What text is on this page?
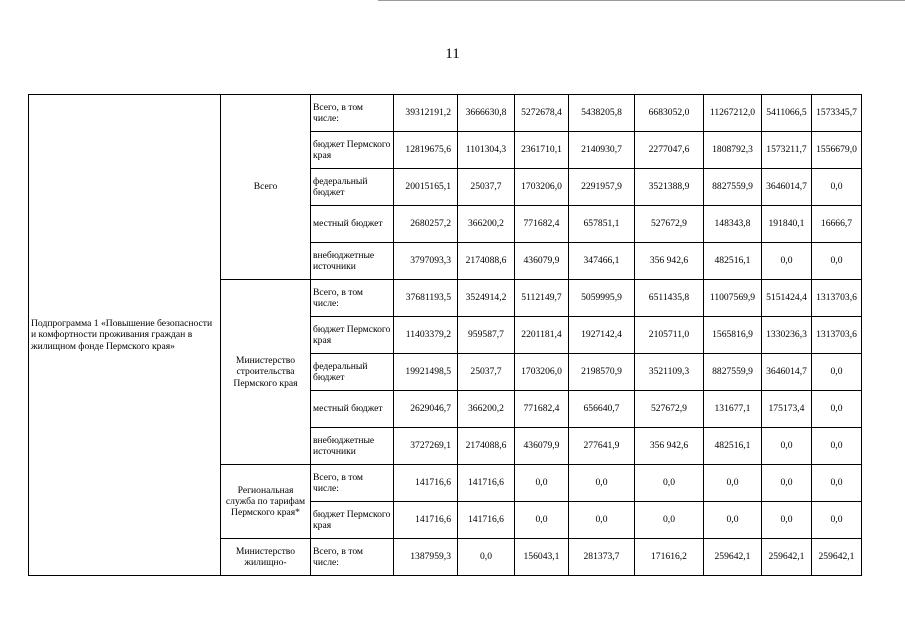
11
Подпрограмма 1 «Повышение безопасности и комфортности проживания граждан в жилищном фонде Пермского края»	Всего	Всего, в том числе:	39312191,2	3666630,8	5272678,4	5438205,8	6683052,0	11267212,0	5411066,5	1573345,7
		бюджет Пермского края	12819675,6	1101304,3	2361710,1	2140930,7	2277047,6	1808792,3	1573211,7	1556679,0
		федеральный бюджет	20015165,1	25037,7	1703206,0	2291957,9	3521388,9	8827559,9	3646014,7	0,0
		местный бюджет	2680257,2	366200,2	771682,4	657851,1	527672,9	148343,8	191840,1	16666,7
		внебюджетные источники	3797093,3	2174088,6	436079,9	347466,1	356 942,6	482516,1	0,0	0,0
	Министерство строительства Пермского края	Всего, в том числе:	37681193,5	3524914,2	5112149,7	5059995,9	6511435,8	11007569,9	5151424,4	1313703,6
		бюджет Пермского края	11403379,2	959587,7	2201181,4	1927142,4	2105711,0	1565816,9	1330236,3	1313703,6
		федеральный бюджет	19921498,5	25037,7	1703206,0	2198570,9	3521109,3	8827559,9	3646014,7	0,0
		местный бюджет	2629046,7	366200,2	771682,4	656640,7	527672,9	131677,1	175173,4	0,0
		внебюджетные источники	3727269,1	2174088,6	436079,9	277641,9	356 942,6	482516,1	0,0	0,0
	Региональная служба по тарифам Пермского края*	Всего, в том числе:	141716,6	141716,6	0,0	0,0	0,0	0,0	0,0	0,0
		бюджет Пермского края	141716,6	141716,6	0,0	0,0	0,0	0,0	0,0	0,0
	Министерство жилищно-	Всего, в том числе:	1387959,3	0,0	156043,1	281373,7	171616,2	259642,1	259642,1	259642,1
